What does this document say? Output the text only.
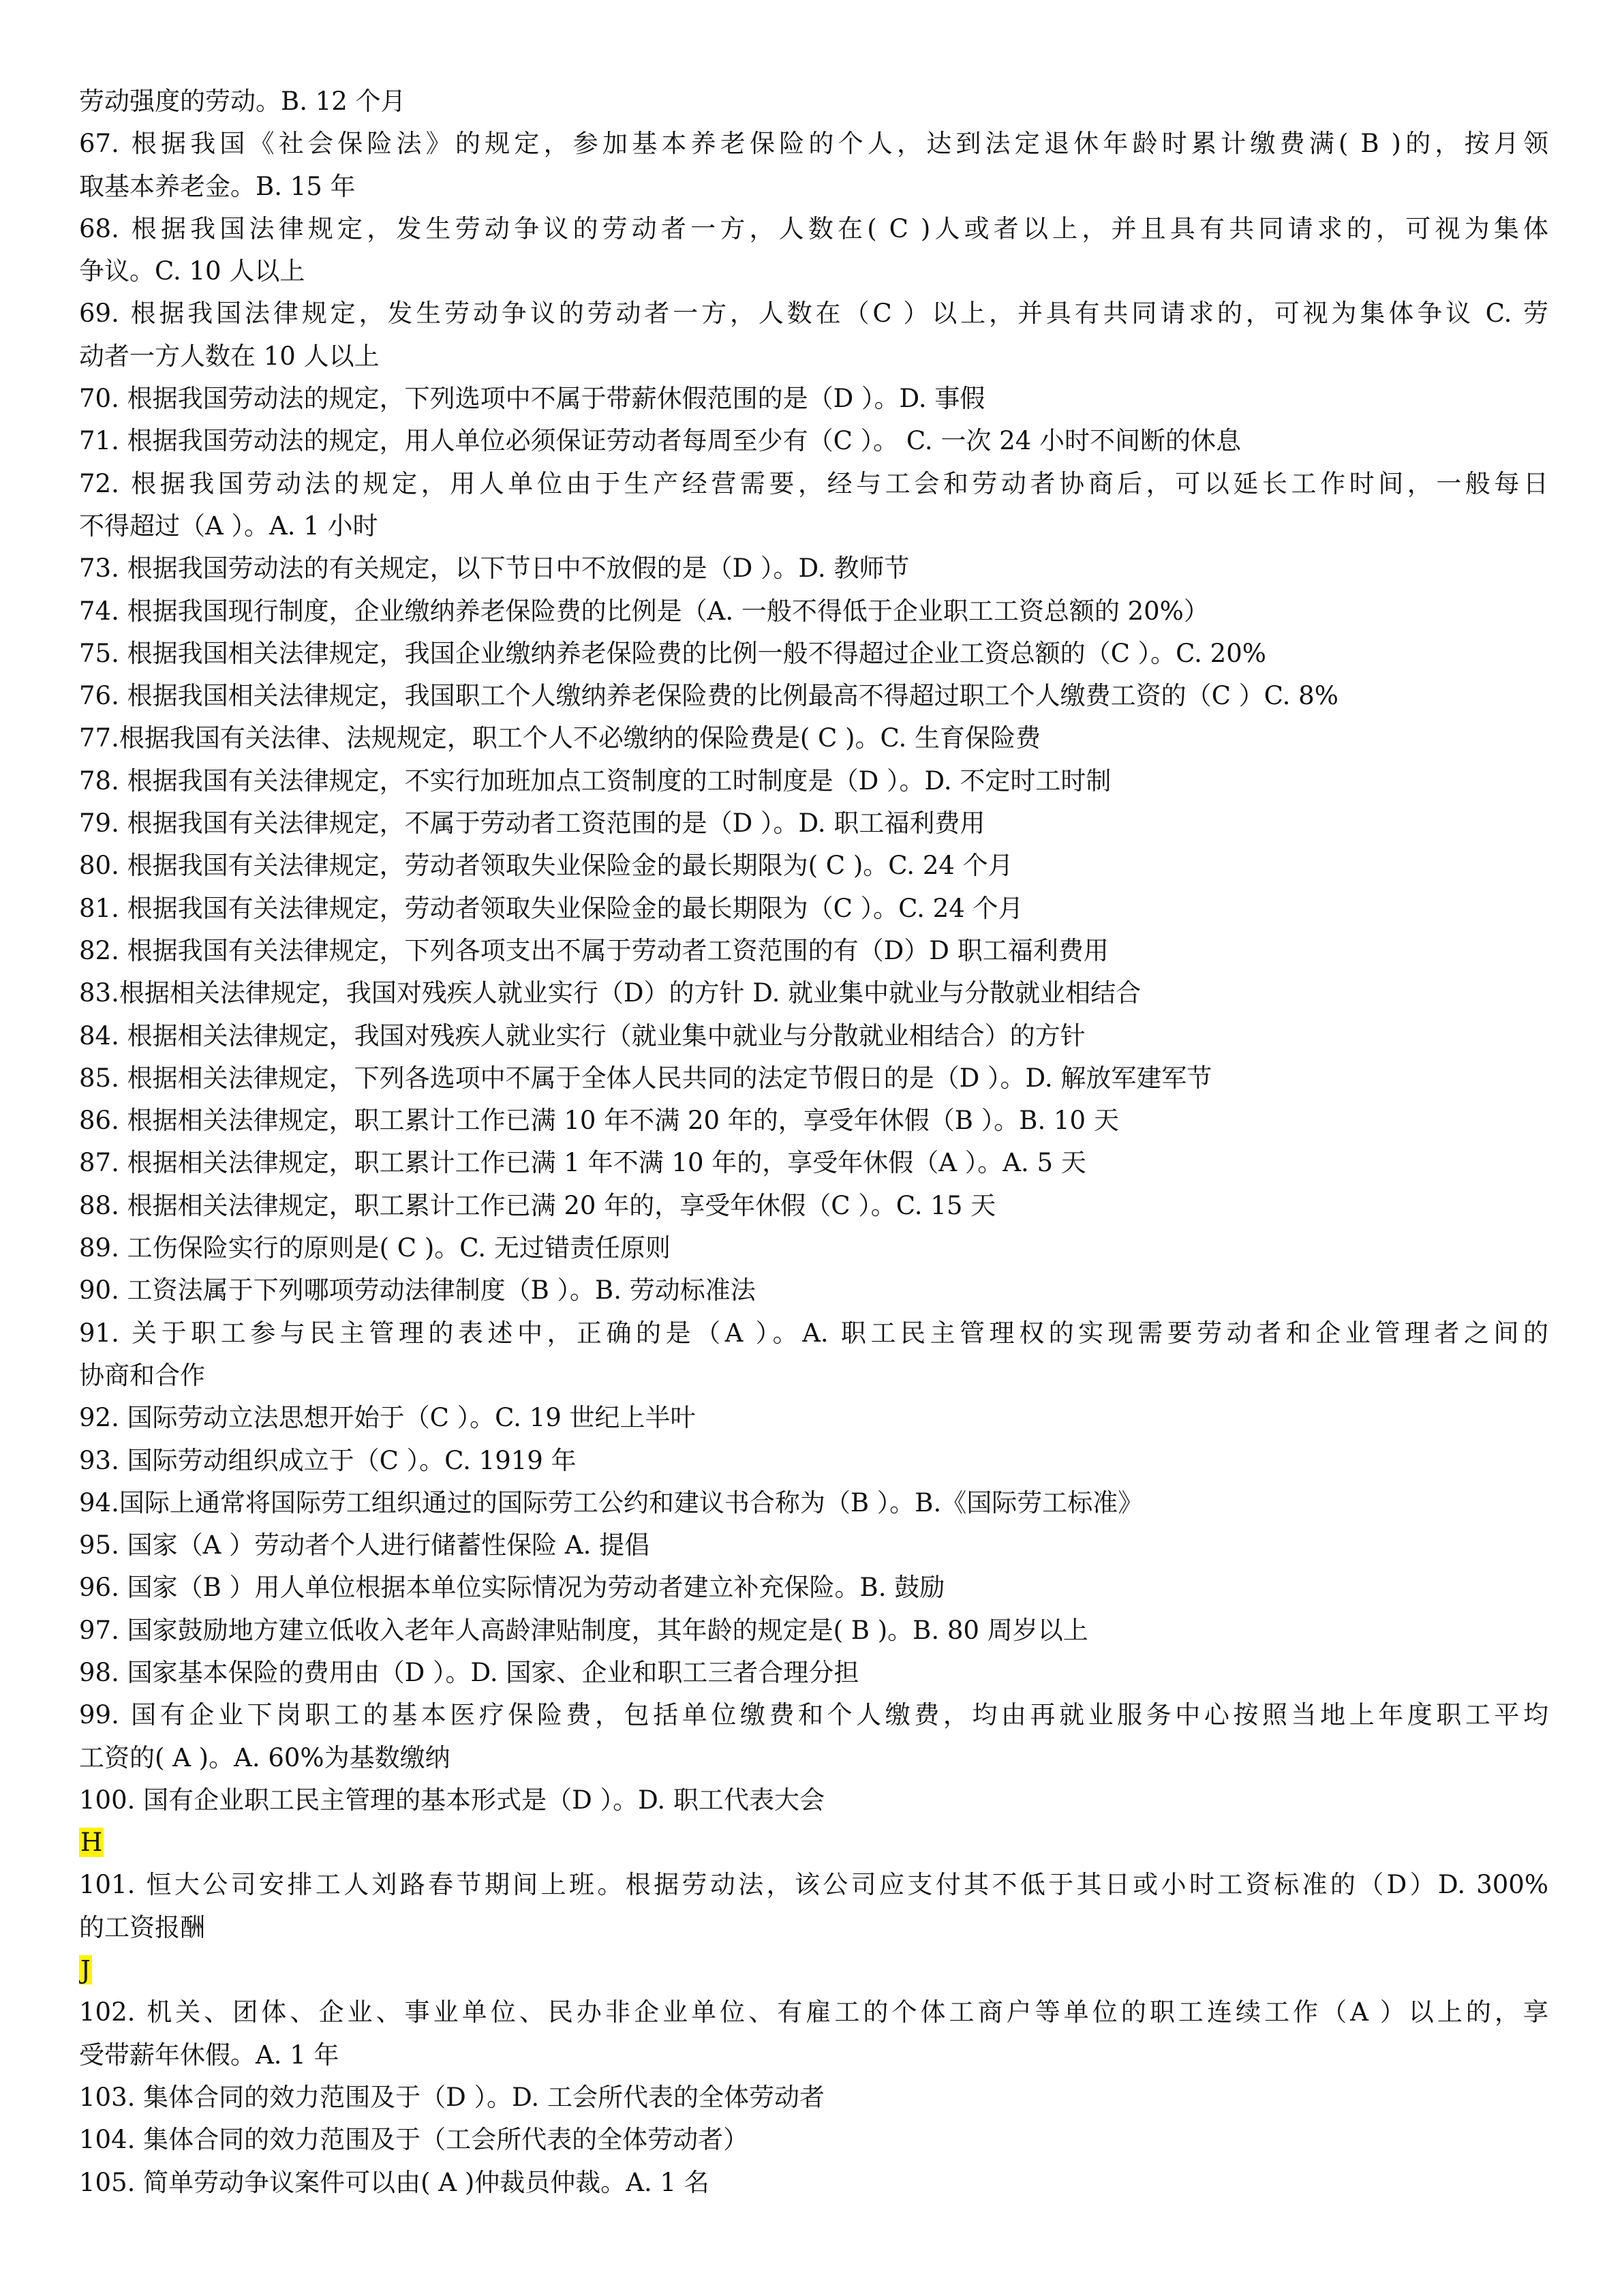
劳动强度的劳动。B. 12 个月
67. 根据我国《社会保险法》的规定，参加基本养老保险的个人，达到法定退休年龄时累计缴费满( B )的，按月领
取基本养老金。B. 15 年
68. 根据我国法律规定，发生劳动争议的劳动者一方，人数在( C )人或者以上，并且具有共同请求的，可视为集体
争议。C. 10 人以上
69. 根据我国法律规定，发生劳动争议的劳动者一方，人数在（C ）以上，并具有共同请求的，可视为集体争议 C. 劳
动者一方人数在 10 人以上
70. 根据我国劳动法的规定，下列选项中不属于带薪休假范围的是（D ）。D. 事假
71. 根据我国劳动法的规定，用人单位必须保证劳动者每周至少有（C ）。 C. 一次 24 小时不间断的休息
72. 根据我国劳动法的规定，用人单位由于生产经营需要，经与工会和劳动者协商后，可以延长工作时间，一般每日
不得超过（A ）。A. 1 小时
73. 根据我国劳动法的有关规定，以下节日中不放假的是（D ）。D. 教师节
74. 根据我国现行制度，企业缴纳养老保险费的比例是（A. 一般不得低于企业职工工资总额的 20%）
75. 根据我国相关法律规定，我国企业缴纳养老保险费的比例一般不得超过企业工资总额的（C ）。C. 20%
76. 根据我国相关法律规定，我国职工个人缴纳养老保险费的比例最高不得超过职工个人缴费工资的（C ）C. 8%
77.根据我国有关法律、法规规定，职工个人不必缴纳的保险费是( C )。C. 生育保险费
78. 根据我国有关法律规定，不实行加班加点工资制度的工时制度是（D ）。D. 不定时工时制
79. 根据我国有关法律规定，不属于劳动者工资范围的是（D ）。D. 职工福利费用
80. 根据我国有关法律规定，劳动者领取失业保险金的最长期限为( C )。C. 24 个月
81. 根据我国有关法律规定，劳动者领取失业保险金的最长期限为（C ）。C. 24 个月
82. 根据我国有关法律规定，下列各项支出不属于劳动者工资范围的有（D）D 职工福利费用
83.根据相关法律规定，我国对残疾人就业实行（D）的方针 D. 就业集中就业与分散就业相结合
84. 根据相关法律规定，我国对残疾人就业实行（就业集中就业与分散就业相结合）的方针
85. 根据相关法律规定，下列各选项中不属于全体人民共同的法定节假日的是（D ）。D. 解放军建军节
86. 根据相关法律规定，职工累计工作已满 10 年不满 20 年的，享受年休假（B ）。B. 10 天
87. 根据相关法律规定，职工累计工作已满 1 年不满 10 年的，享受年休假（A ）。A. 5 天
88. 根据相关法律规定，职工累计工作已满 20 年的，享受年休假（C ）。C. 15 天
89. 工伤保险实行的原则是( C )。C. 无过错责任原则
90. 工资法属于下列哪项劳动法律制度（B ）。B. 劳动标准法
91. 关于职工参与民主管理的表述中，正确的是（A ）。A. 职工民主管理权的实现需要劳动者和企业管理者之间的
协商和合作
92. 国际劳动立法思想开始于（C ）。C. 19 世纪上半叶
93. 国际劳动组织成立于（C ）。C. 1919 年
94.国际上通常将国际劳工组织通过的国际劳工公约和建议书合称为（B ）。B.《国际劳工标准》
95. 国家（A ）劳动者个人进行储蓄性保险 A. 提倡
96. 国家（B ）用人单位根据本单位实际情况为劳动者建立补充保险。B. 鼓励
97. 国家鼓励地方建立低收入老年人高龄津贴制度，其年龄的规定是( B )。B. 80 周岁以上
98. 国家基本保险的费用由（D ）。D. 国家、企业和职工三者合理分担
99. 国有企业下岗职工的基本医疗保险费，包括单位缴费和个人缴费，均由再就业服务中心按照当地上年度职工平均
工资的( A )。A. 60%为基数缴纳
100. 国有企业职工民主管理的基本形式是（D ）。D. 职工代表大会
H
101. 恒大公司安排工人刘路春节期间上班。根据劳动法，该公司应支付其不低于其日或小时工资标准的（D）D. 300%
的工资报酬
J
102. 机关、团体、企业、事业单位、民办非企业单位、有雇工的个体工商户等单位的职工连续工作（A ）以上的，享
受带薪年休假。A. 1 年
103. 集体合同的效力范围及于（D ）。D. 工会所代表的全体劳动者
104. 集体合同的效力范围及于（工会所代表的全体劳动者）
105. 简单劳动争议案件可以由( A )仲裁员仲裁。A. 1 名
